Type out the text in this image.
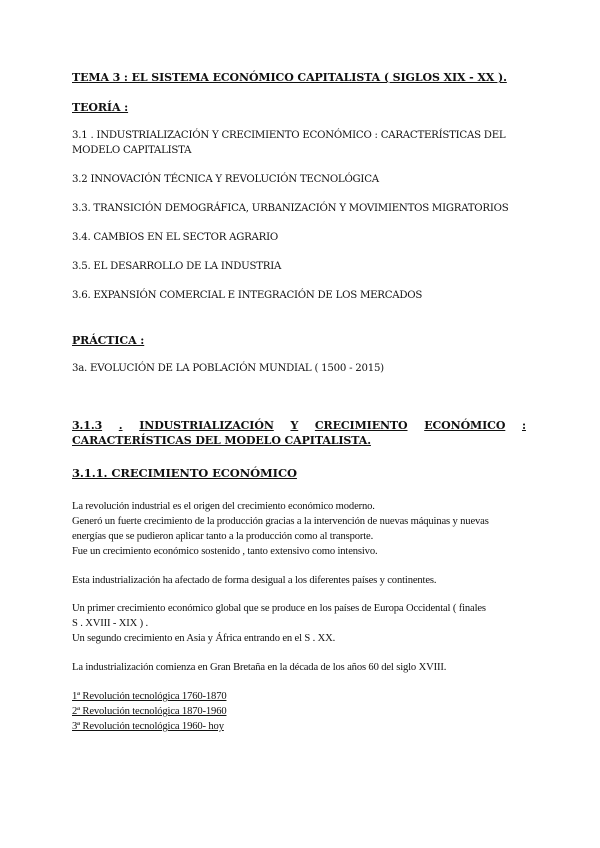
TEMA 3 : EL SISTEMA ECONÓMICO CAPITALISTA ( SIGLOS XIX - XX ).

TEORÍA :

3.1 . INDUSTRIALIZACIÓN Y CRECIMIENTO ECONÓMICO : CARACTERÍSTICAS DEL

MODELO CAPITALISTA

3.2 INNOVACIÓN TÉCNICA Y REVOLUCIÓN TECNOLÓGICA

3.3. TRANSICIÓN DEMOGRÁFICA, URBANIZACIÓN Y MOVIMIENTOS MIGRATORIOS

3.4. CAMBIOS EN EL SECTOR AGRARIO

3.5. EL DESARROLLO DE LA INDUSTRIA

3.6. EXPANSIÓN COMERCIAL E INTEGRACIÓN DE LOS MERCADOS

PRÁCTICA :

3a. EVOLUCIÓN DE LA POBLACIÓN MUNDIAL ( 1500 - 2015)

3.1.3 . INDUSTRIALIZACIÓN Y CRECIMIENTO ECONÓMICO :

CARACTERÍSTICAS DEL MODELO CAPITALISTA.

3.1.1. CRECIMIENTO ECONÓMICO

La revolución industrial es el origen del crecimiento económico moderno.

Generó un fuerte crecimiento de la producción gracias a la intervención de nuevas máquinas y nuevas

energías que se pudieron aplicar tanto a la producción como al transporte.

Fue un crecimiento económico sostenido , tanto extensivo como intensivo.

Esta industrialización ha afectado de forma desigual a los diferentes países y continentes.

Un primer crecimiento económico global que se produce en los países de Europa Occidental ( finales

S . XVIII - XIX ) .

Un segundo crecimiento en Asia y África entrando en el S . XX.

La industrialización comienza en Gran Bretaña en la década de los años 60 del siglo XVIII.

1ª Revolución tecnológica 1760-1870

2ª Revolución tecnológica 1870-1960

3ª Revolución tecnológica 1960- hoy
